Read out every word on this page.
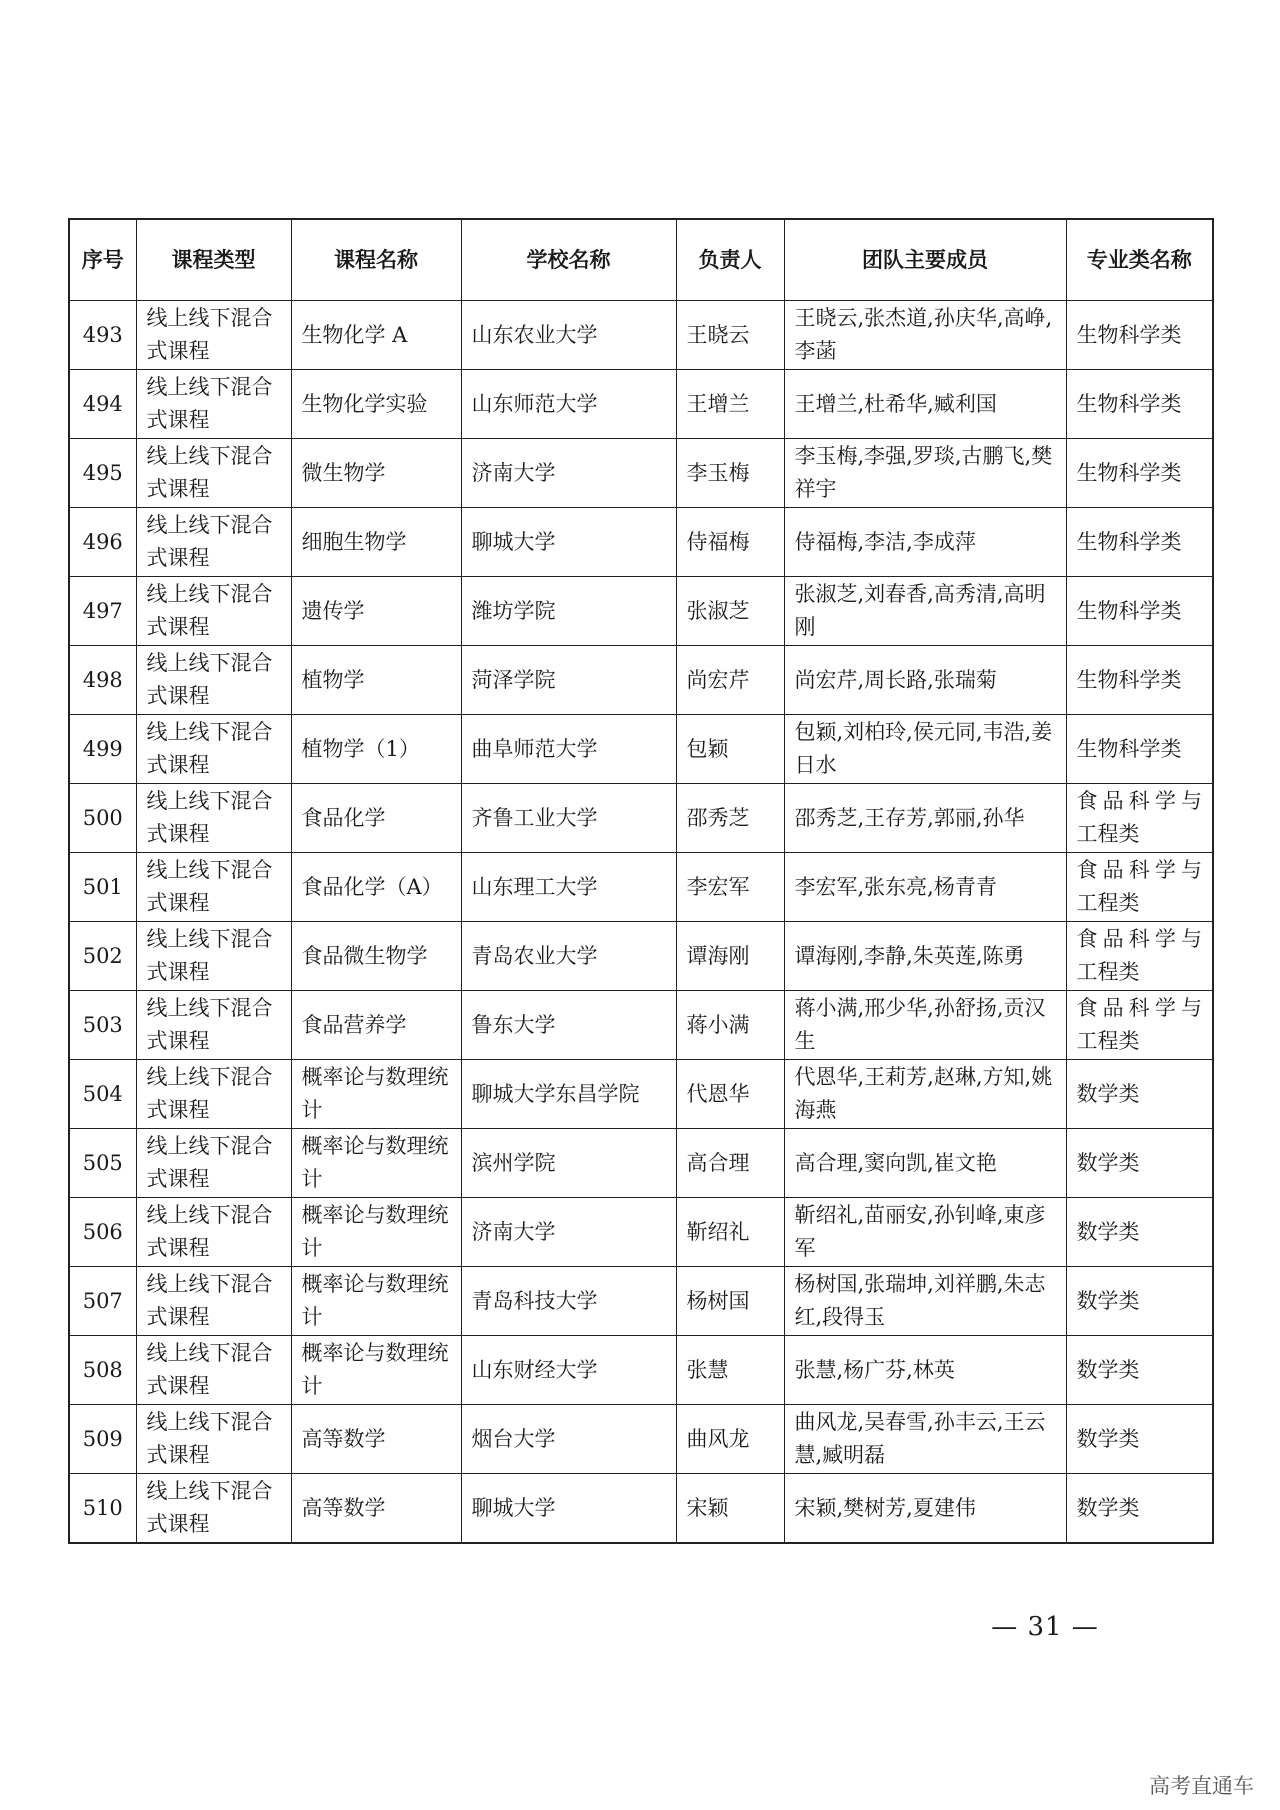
序号	课程类型	课程名称	学校名称	负责人	团队主要成员	专业类名称
493	线上线下混合式课程	生物化学 A	山东农业大学	王晓云	王晓云,张杰道,孙庆华,高峥,李菡	生物科学类
494	线上线下混合式课程	生物化学实验	山东师范大学	王增兰	王增兰,杜希华,臧利国	生物科学类
495	线上线下混合式课程	微生物学	济南大学	李玉梅	李玉梅,李强,罗琰,古鹏飞,樊祥宇	生物科学类
496	线上线下混合式课程	细胞生物学	聊城大学	侍福梅	侍福梅,李洁,李成萍	生物科学类
497	线上线下混合式课程	遗传学	潍坊学院	张淑芝	张淑芝,刘春香,高秀清,高明刚	生物科学类
498	线上线下混合式课程	植物学	菏泽学院	尚宏芹	尚宏芹,周长路,张瑞菊	生物科学类
499	线上线下混合式课程	植物学（1）	曲阜师范大学	包颖	包颖,刘柏玲,侯元同,韦浩,姜日水	生物科学类
500	线上线下混合式课程	食品化学	齐鲁工业大学	邵秀芝	邵秀芝,王存芳,郭丽,孙华	食品科学与工程类
501	线上线下混合式课程	食品化学（A）	山东理工大学	李宏军	李宏军,张东亮,杨青青	食品科学与工程类
502	线上线下混合式课程	食品微生物学	青岛农业大学	谭海刚	谭海刚,李静,朱英莲,陈勇	食品科学与工程类
503	线上线下混合式课程	食品营养学	鲁东大学	蒋小满	蒋小满,邢少华,孙舒扬,贡汉生	食品科学与工程类
504	线上线下混合式课程	概率论与数理统计	聊城大学东昌学院	代恩华	代恩华,王莉芳,赵琳,方知,姚海燕	数学类
505	线上线下混合式课程	概率论与数理统计	滨州学院	高合理	高合理,窦向凯,崔文艳	数学类
506	线上线下混合式课程	概率论与数理统计	济南大学	靳绍礼	靳绍礼,苗丽安,孙钊峰,東彦军	数学类
507	线上线下混合式课程	概率论与数理统计	青岛科技大学	杨树国	杨树国,张瑞坤,刘祥鹏,朱志红,段得玉	数学类
508	线上线下混合式课程	概率论与数理统计	山东财经大学	张慧	张慧,杨广芬,林英	数学类
509	线上线下混合式课程	高等数学	烟台大学	曲风龙	曲风龙,吴春雪,孙丰云,王云慧,臧明磊	数学类
510	线上线下混合式课程	高等数学	聊城大学	宋颖	宋颖,樊树芳,夏建伟	数学类
— 31 —
高考直通车
